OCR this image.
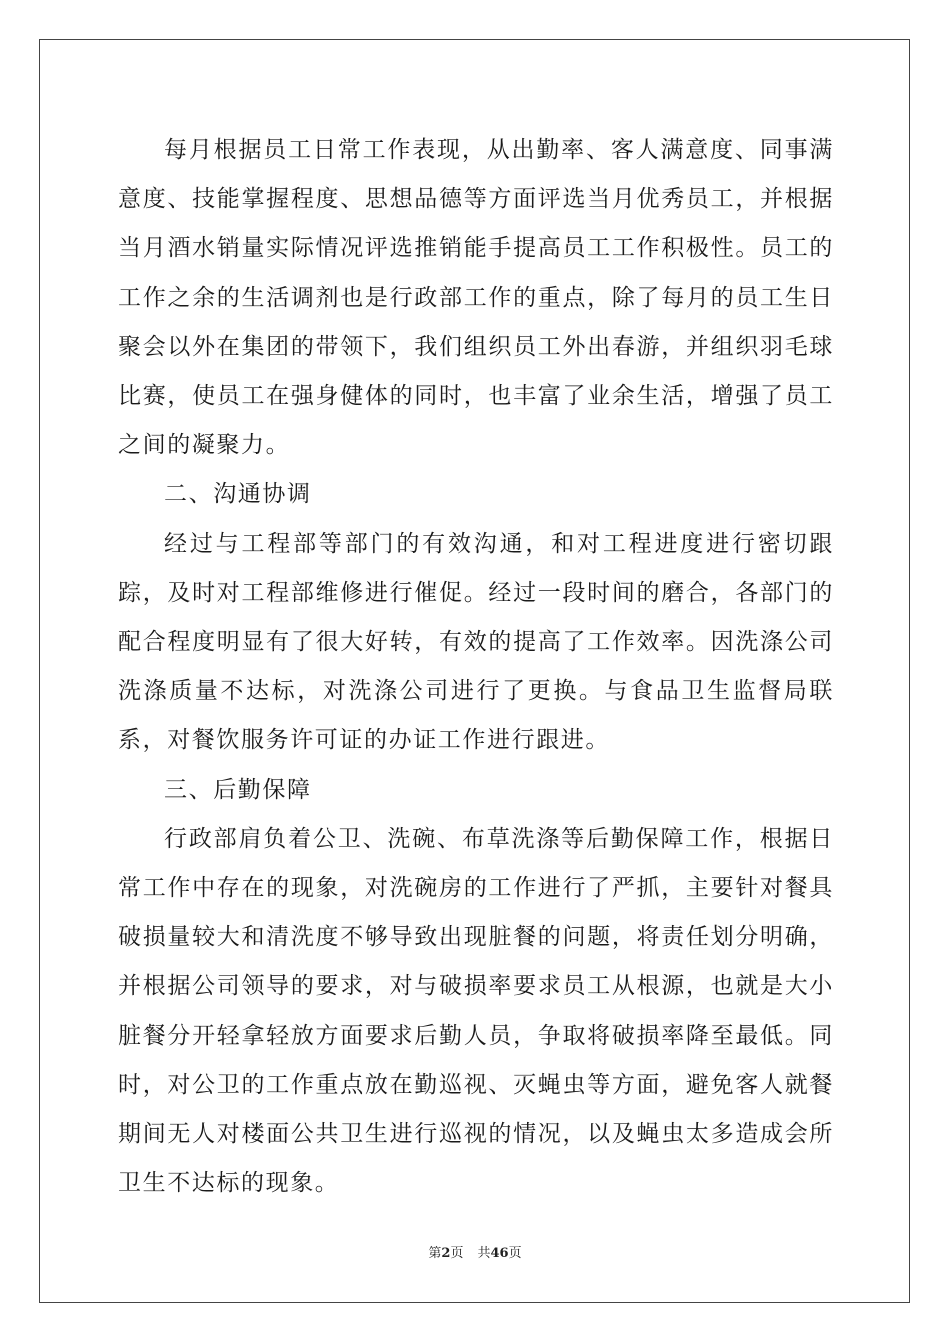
每月根据员工日常工作表现，从出勤率、客人满意度、同事满意度、技能掌握程度、思想品德等方面评选当月优秀员工，并根据当月酒水销量实际情况评选推销能手提高员工工作积极性。员工的工作之余的生活调剂也是行政部工作的重点，除了每月的员工生日聚会以外在集团的带领下，我们组织员工外出春游，并组织羽毛球比赛，使员工在强身健体的同时，也丰富了业余生活，增强了员工之间的凝聚力。

二、沟通协调

经过与工程部等部门的有效沟通，和对工程进度进行密切跟踪，及时对工程部维修进行催促。经过一段时间的磨合，各部门的配合程度明显有了很大好转，有效的提高了工作效率。因洗涤公司洗涤质量不达标，对洗涤公司进行了更换。与食品卫生监督局联系，对餐饮服务许可证的办证工作进行跟进。

三、后勤保障

行政部肩负着公卫、洗碗、布草洗涤等后勤保障工作，根据日常工作中存在的现象，对洗碗房的工作进行了严抓，主要针对餐具破损量较大和清洗度不够导致出现脏餐的问题，将责任划分明确，并根据公司领导的要求，对与破损率要求员工从根源，也就是大小脏餐分开轻拿轻放方面要求后勤人员，争取将破损率降至最低。同时，对公卫的工作重点放在勤巡视、灭蝇虫等方面，避免客人就餐期间无人对楼面公共卫生进行巡视的情况，以及蝇虫太多造成会所卫生不达标的现象。

第2页 共46页
